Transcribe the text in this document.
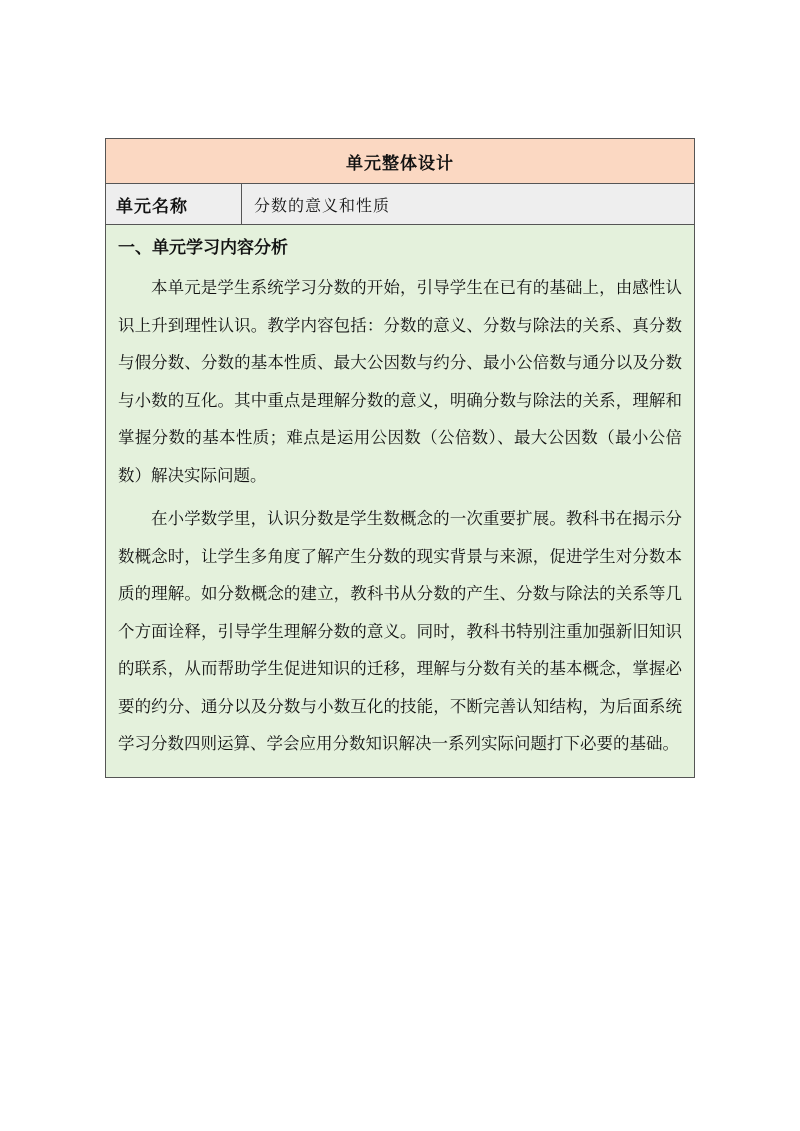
单元整体设计
单元名称	分数的意义和性质
一、单元学习内容分析

本单元是学生系统学习分数的开始，引导学生在已有的基础上，由感性认识上升到理性认识。教学内容包括：分数的意义、分数与除法的关系、真分数与假分数、分数的基本性质、最大公因数与约分、最小公倍数与通分以及分数与小数的互化。其中重点是理解分数的意义，明确分数与除法的关系，理解和掌握分数的基本性质；难点是运用公因数（公倍数）、最大公因数（最小公倍数）解决实际问题。

在小学数学里，认识分数是学生数概念的一次重要扩展。教科书在揭示分数概念时，让学生多角度了解产生分数的现实背景与来源，促进学生对分数本质的理解。如分数概念的建立，教科书从分数的产生、分数与除法的关系等几个方面诠释，引导学生理解分数的意义。同时，教科书特别注重加强新旧知识的联系，从而帮助学生促进知识的迁移，理解与分数有关的基本概念，掌握必要的约分、通分以及分数与小数互化的技能，不断完善认知结构，为后面系统学习分数四则运算、学会应用分数知识解决一系列实际问题打下必要的基础。
